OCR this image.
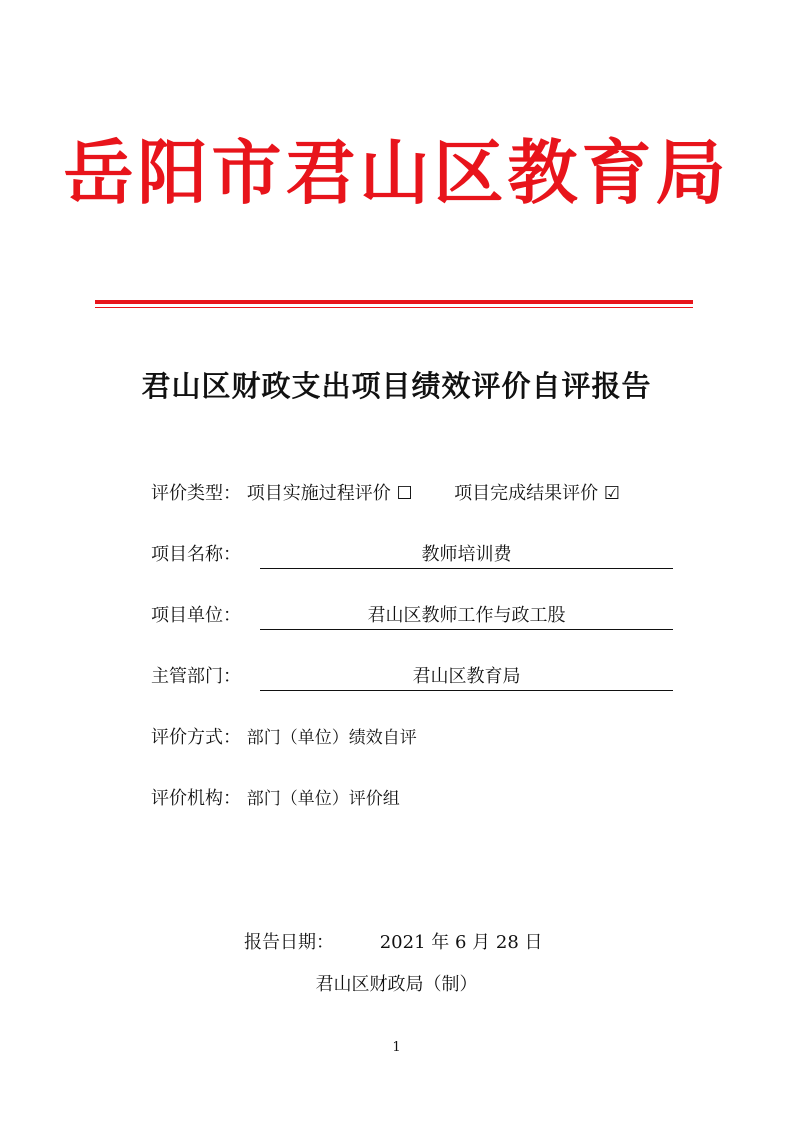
岳阳市君山区教育局
君山区财政支出项目绩效评价自评报告
评价类型： 项目实施过程评价 ☐ 项目完成结果评价 ☑
项目名称：	教师培训费
项目单位：	君山区教师工作与政工股
主管部门：	君山区教育局
评价方式： 部门（单位）绩效自评
评价机构： 部门（单位）评价组
报告日期：	2021 年 6 月 28 日
君山区财政局（制）
1
